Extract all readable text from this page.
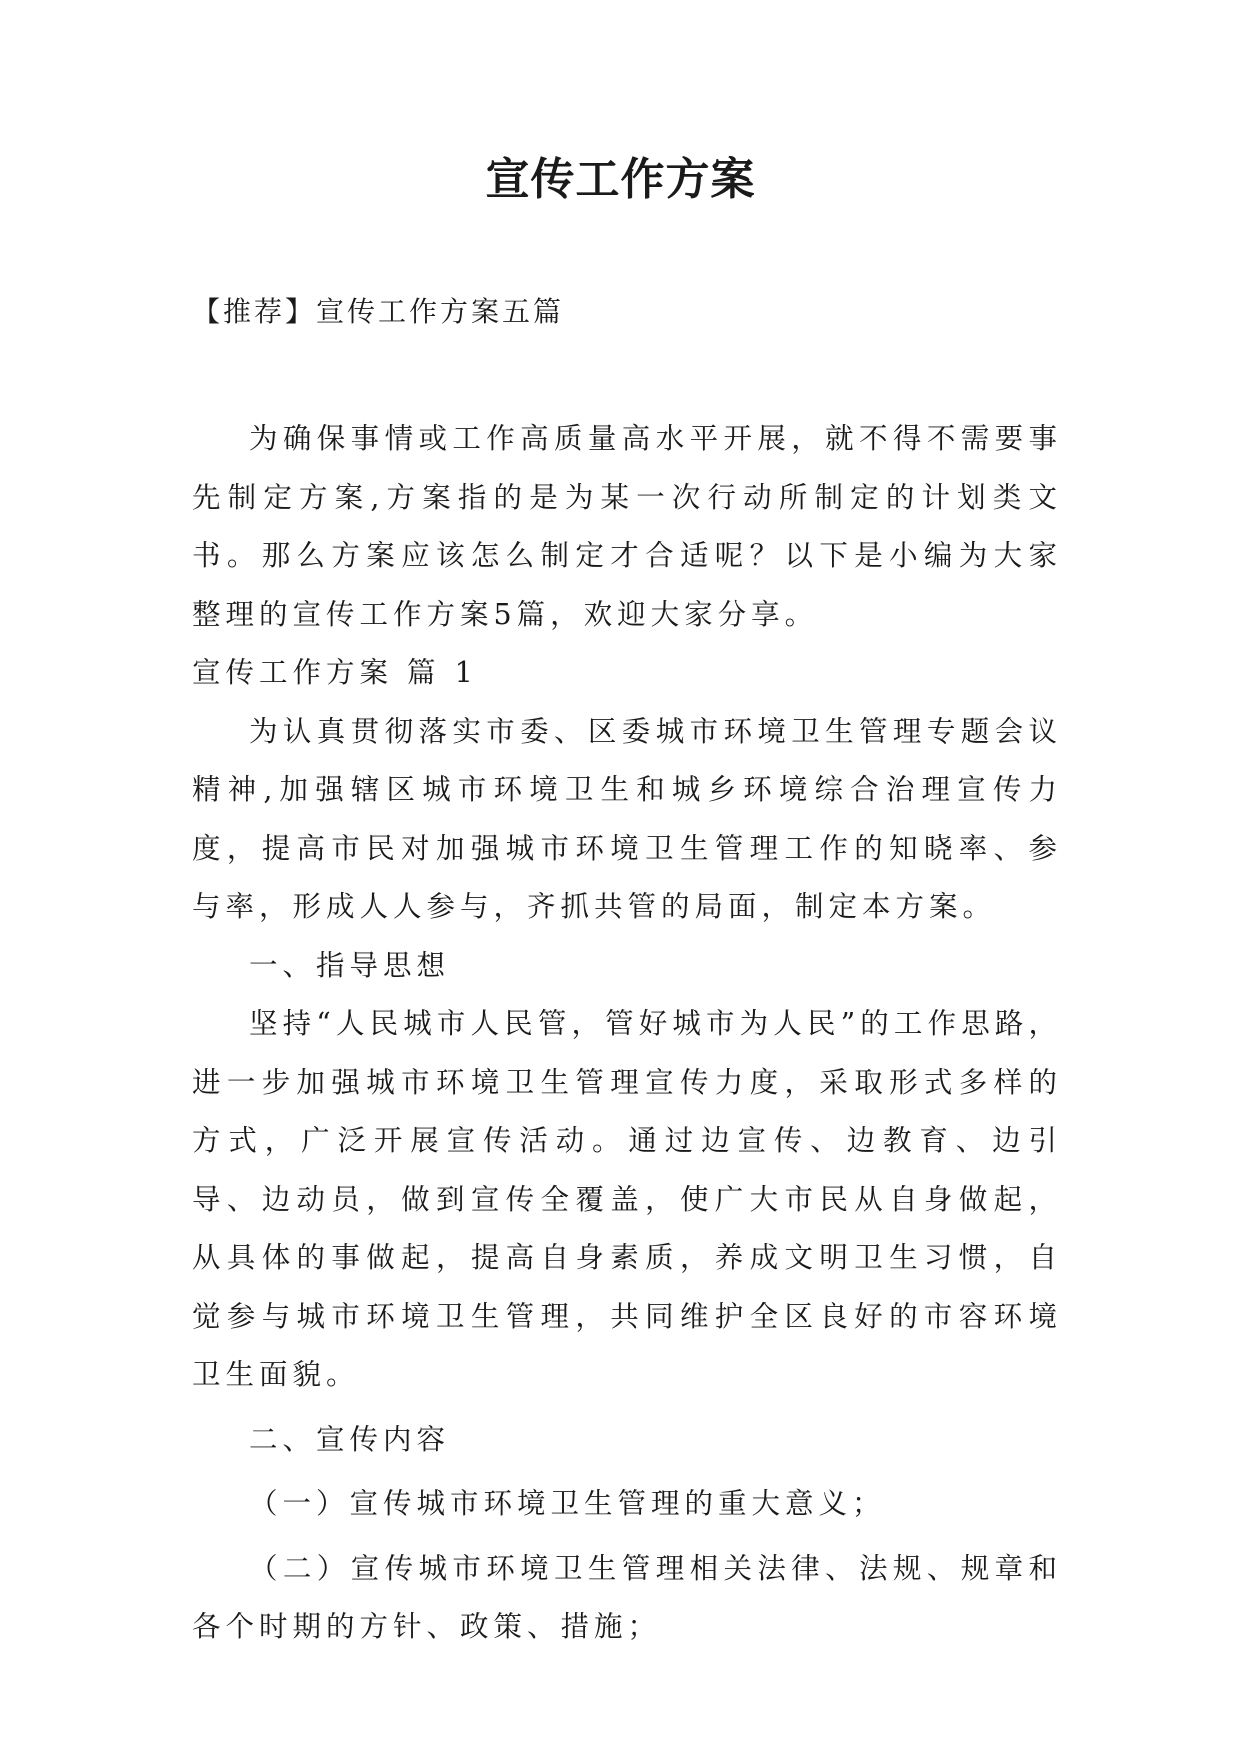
宣传工作方案
【推荐】宣传工作方案五篇

为确保事情或工作高质量高水平开展，就不得不需要事先制定方案,方案指的是为某一次行动所制定的计划类文书。那么方案应该怎么制定才合适呢？以下是小编为大家整理的宣传工作方案5篇，欢迎大家分享。

宣传工作方案 篇 1

为认真贯彻落实市委、区委城市环境卫生管理专题会议精神,加强辖区城市环境卫生和城乡环境综合治理宣传力度，提高市民对加强城市环境卫生管理工作的知晓率、参与率，形成人人参与，齐抓共管的局面，制定本方案。

一、指导思想

坚持“人民城市人民管，管好城市为人民”的工作思路，进一步加强城市环境卫生管理宣传力度，采取形式多样的方式，广泛开展宣传活动。通过边宣传、边教育、边引导、边动员，做到宣传全覆盖，使广大市民从自身做起，从具体的事做起，提高自身素质，养成文明卫生习惯，自觉参与城市环境卫生管理，共同维护全区良好的市容环境卫生面貌。

二、宣传内容

（一）宣传城市环境卫生管理的重大意义；

（二）宣传城市环境卫生管理相关法律、法规、规章和各个时期的方针、政策、措施；
